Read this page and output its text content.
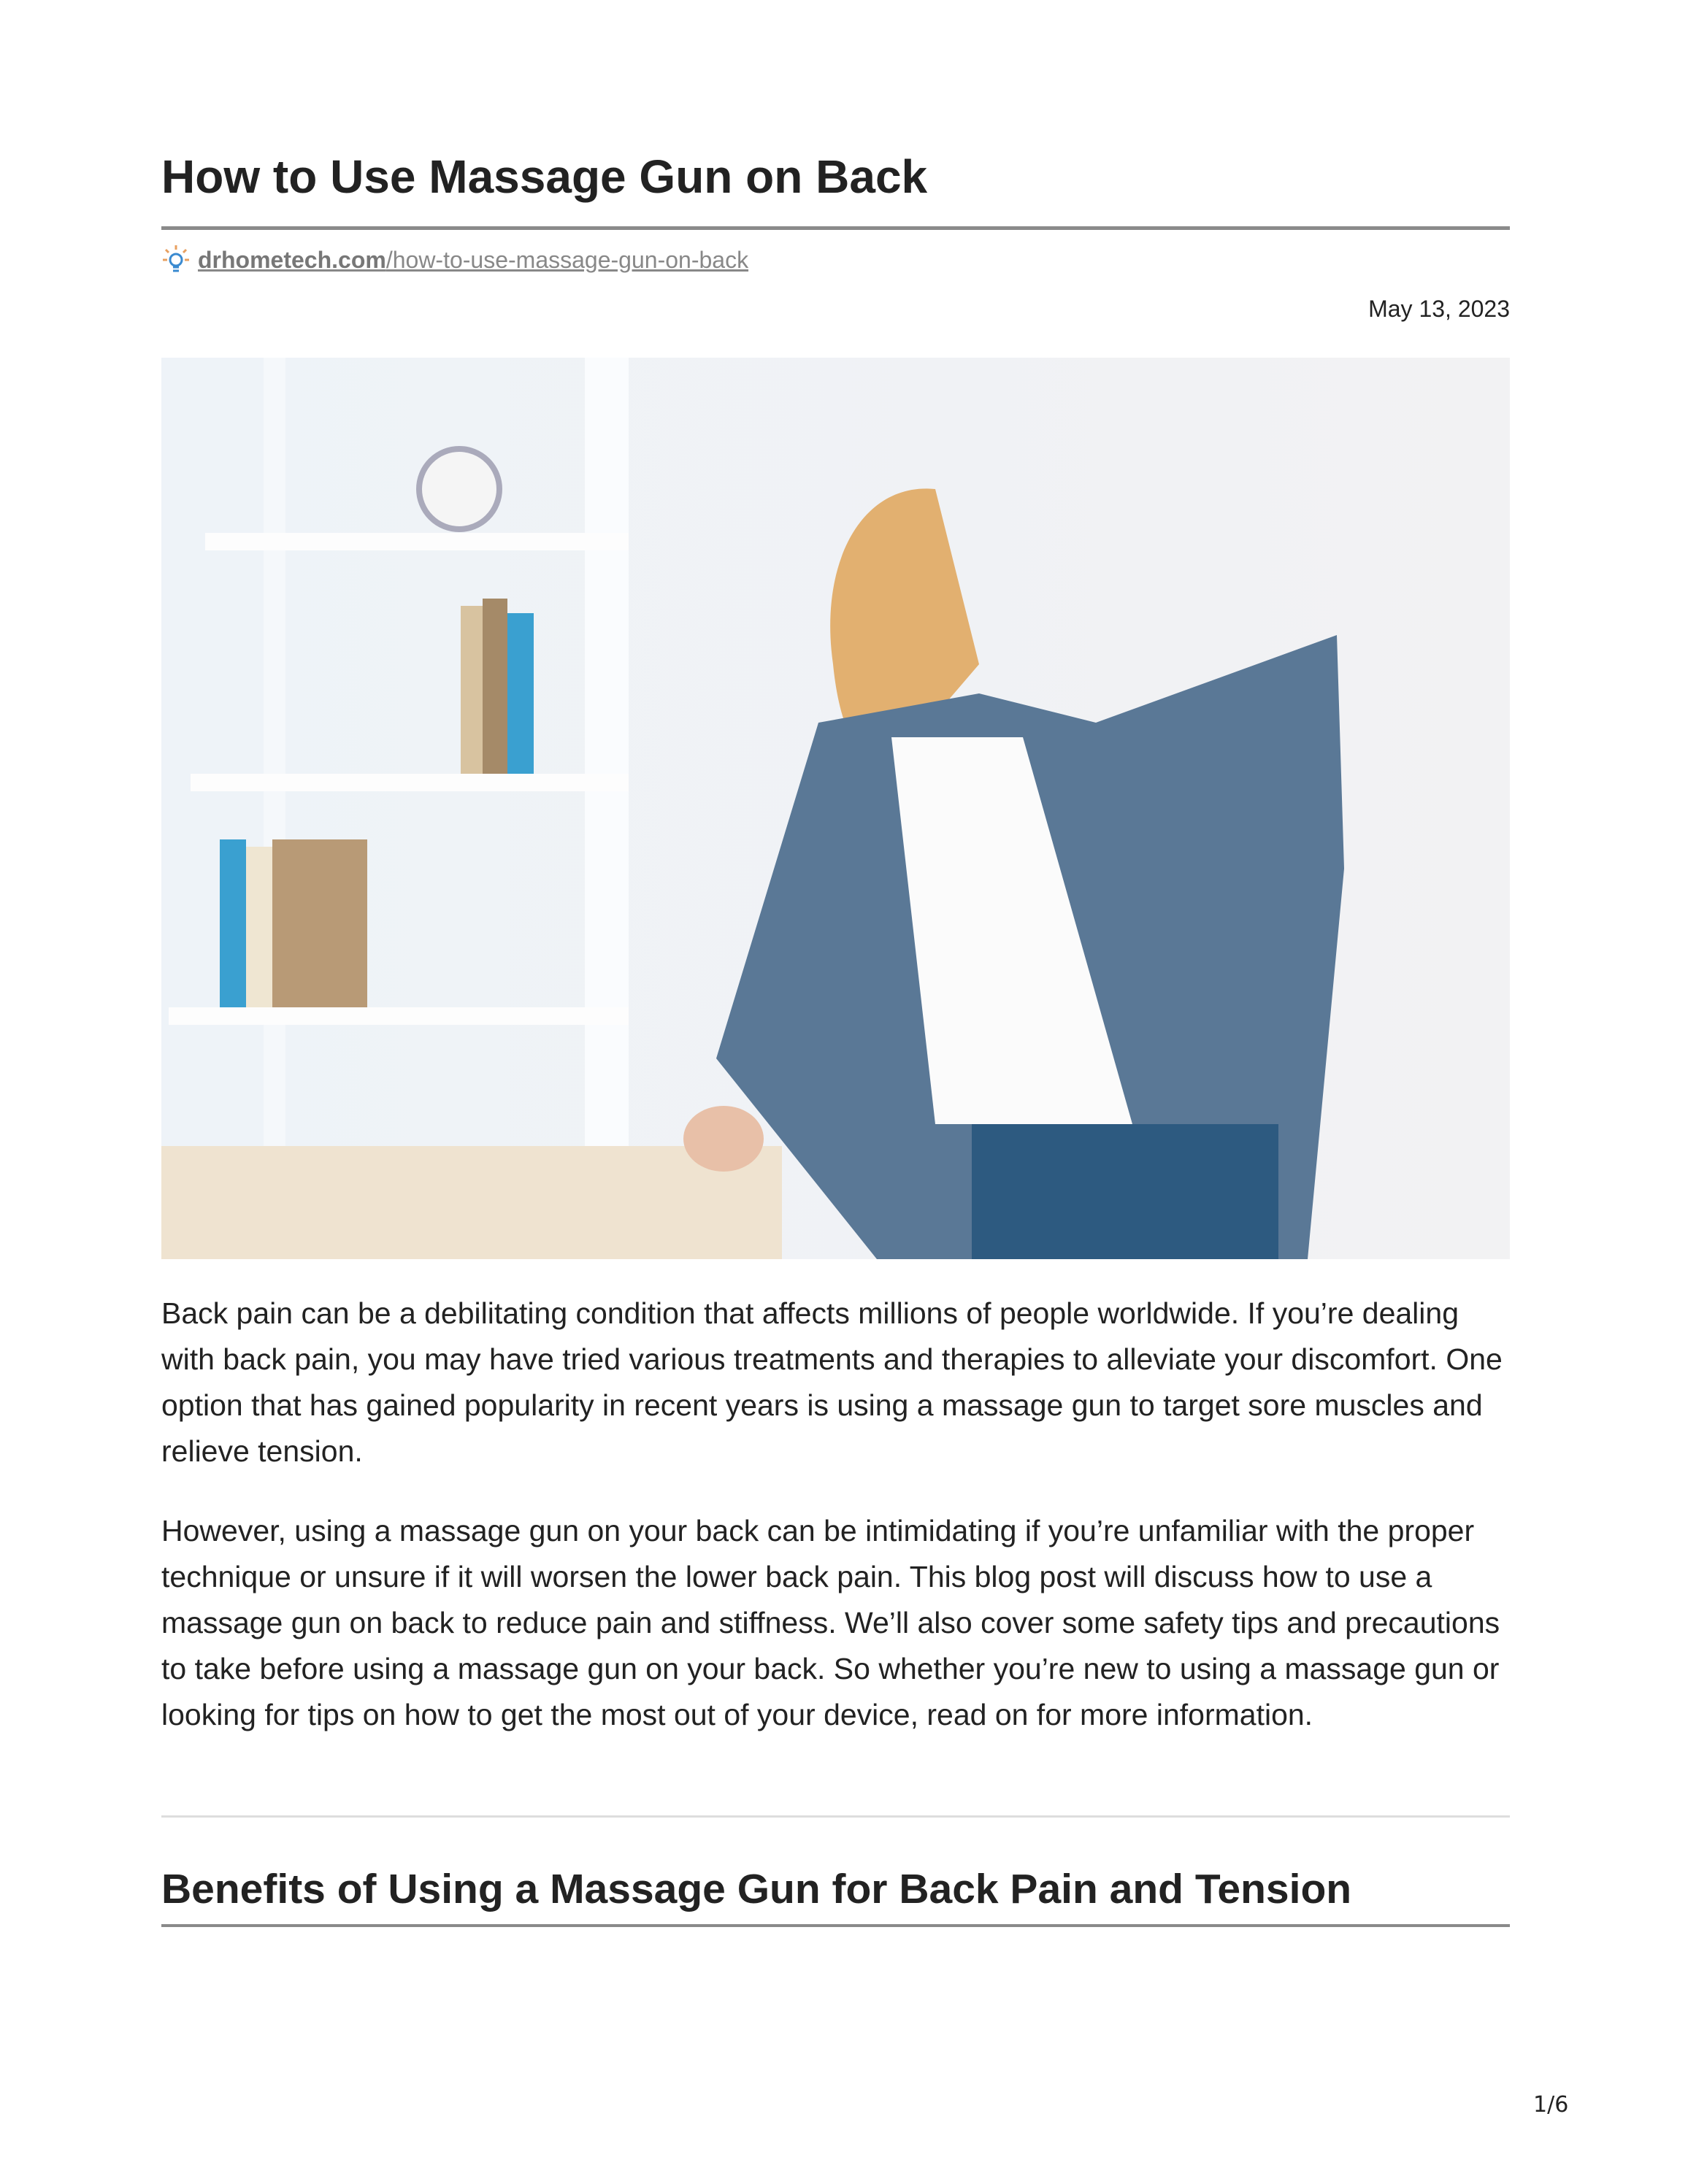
How to Use Massage Gun on Back
drhometech.com/how-to-use-massage-gun-on-back
May 13, 2023

Back pain can be a debilitating condition that affects millions of people worldwide. If you’re dealing with back pain, you may have tried various treatments and therapies to alleviate your discomfort. One option that has gained popularity in recent years is using a massage gun to target sore muscles and relieve tension.

However, using a massage gun on your back can be intimidating if you’re unfamiliar with the proper technique or unsure if it will worsen the lower back pain. This blog post will discuss how to use a massage gun on back to reduce pain and stiffness. We’ll also cover some safety tips and precautions to take before using a massage gun on your back. So whether you’re new to using a massage gun or looking for tips on how to get the most out of your device, read on for more information.

Benefits of Using a Massage Gun for Back Pain and Tension
1/6
